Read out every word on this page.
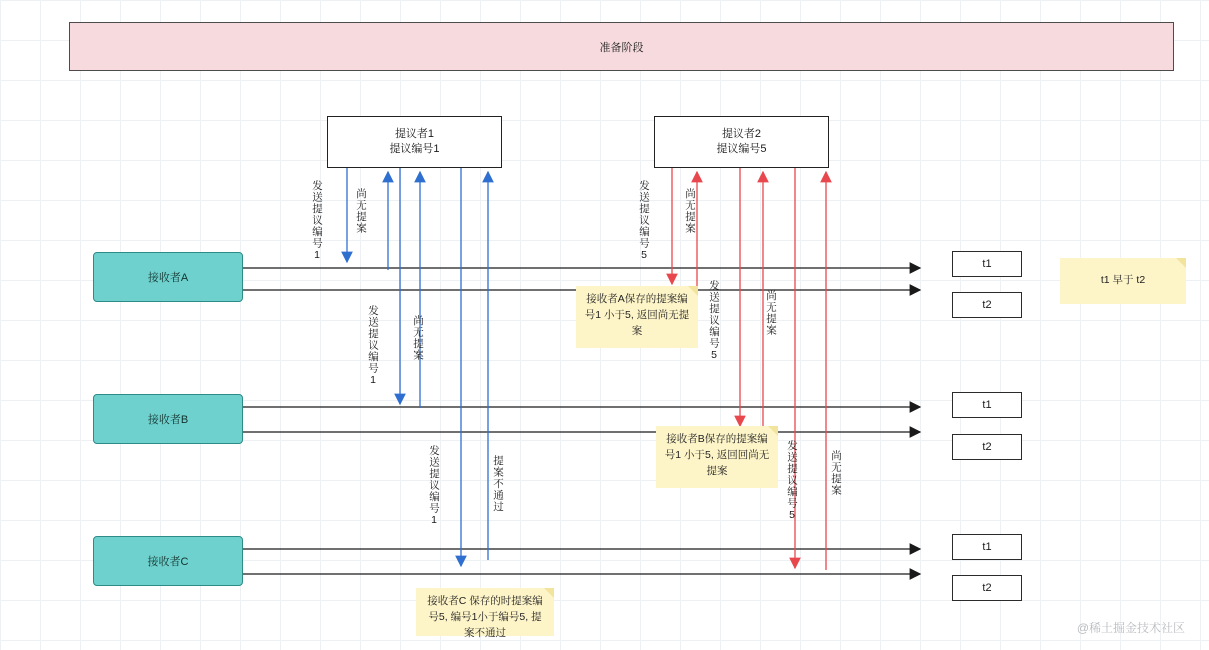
准备阶段
提议者1
提议编号1
提议者2
提议编号5
接收者A
接收者B
接收者C
发送提议编号1	尚无提案
发送提议编号1	尚无提案
发送提议编号1	提案不通过
发送提议编号5	尚无提案
发送提议编号5	尚无提案
发送提议编号5	尚无提案
t1
t2
t1
t2
t1
t2
t1 早于 t2
接收者A保存的提案编号1 小于5, 返回尚无提案
接收者B保存的提案编号1 小于5, 返回回尚无提案
接收者C 保存的时提案编号5, 编号1小于编号5, 提案不通过	@稀土掘金技术社区
